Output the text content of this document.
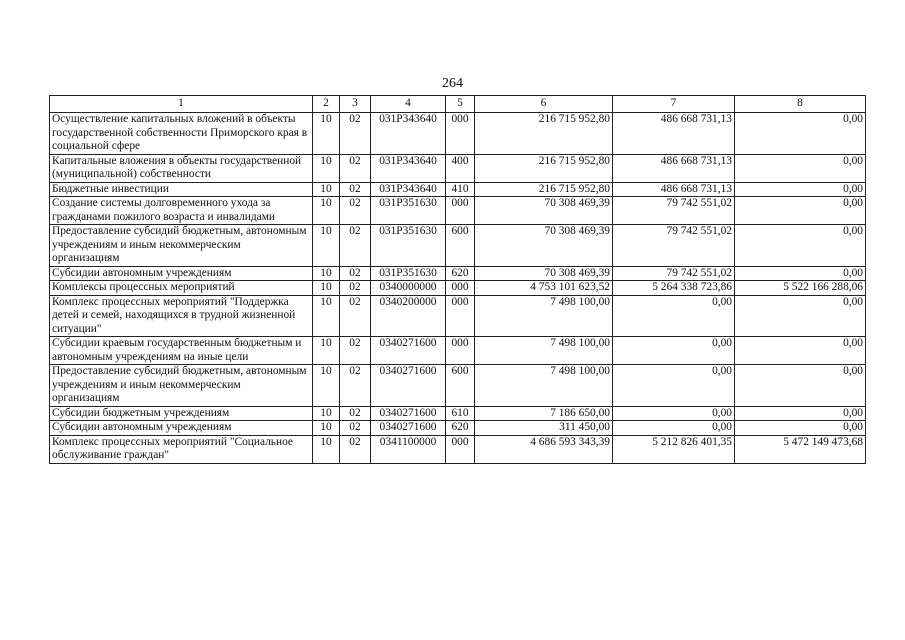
264
1	2	3	4	5	6	7	8
Осуществление капитальных вложений в объекты государственной собственности Приморского края в социальной сфере	10	02	031Р343640	000	216 715 952,80	486 668 731,13	0,00
Капитальные вложения в объекты государственной (муниципальной) собственности	10	02	031Р343640	400	216 715 952,80	486 668 731,13	0,00
Бюджетные инвестиции	10	02	031Р343640	410	216 715 952,80	486 668 731,13	0,00
Создание системы долговременного ухода за гражданами пожилого возраста и инвалидами	10	02	031Р351630	000	70 308 469,39	79 742 551,02	0,00
Предоставление субсидий бюджетным, автономным учреждениям и иным некоммерческим организациям	10	02	031Р351630	600	70 308 469,39	79 742 551,02	0,00
Субсидии автономным учреждениям	10	02	031Р351630	620	70 308 469,39	79 742 551,02	0,00
Комплексы процессных мероприятий	10	02	0340000000	000	4 753 101 623,52	5 264 338 723,86	5 522 166 288,06
Комплекс процессных мероприятий "Поддержка детей и семей, находящихся в трудной жизненной ситуации"	10	02	0340200000	000	7 498 100,00	0,00	0,00
Субсидии краевым государственным бюджетным и автономным учреждениям на иные цели	10	02	0340271600	000	7 498 100,00	0,00	0,00
Предоставление субсидий бюджетным, автономным учреждениям и иным некоммерческим организациям	10	02	0340271600	600	7 498 100,00	0,00	0,00
Субсидии бюджетным учреждениям	10	02	0340271600	610	7 186 650,00	0,00	0,00
Субсидии автономным учреждениям	10	02	0340271600	620	311 450,00	0,00	0,00
Комплекс процессных мероприятий "Социальное обслуживание граждан"	10	02	0341100000	000	4 686 593 343,39	5 212 826 401,35	5 472 149 473,68
